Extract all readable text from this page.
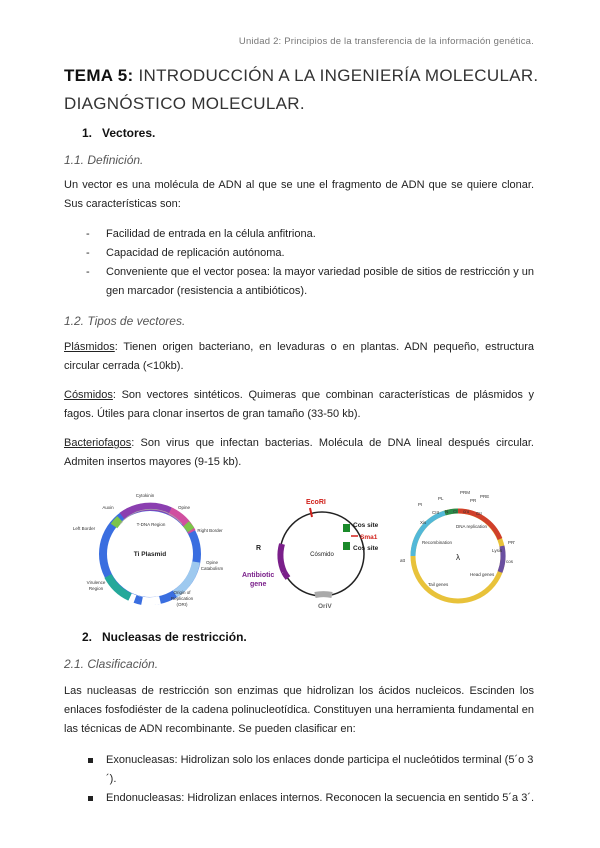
Unidad 2: Principios de la transferencia de la información genética.
TEMA 5: INTRODUCCIÓN A LA INGENIERÍA MOLECULAR.
DIAGNÓSTICO MOLECULAR.
1. Vectores.
1.1. Definición.
Un vector es una molécula de ADN al que se une el fragmento de ADN que se quiere clonar. Sus características son:
-	Facilidad de entrada en la célula anfitriona.
-	Capacidad de replicación autónoma.
-	Conveniente que el vector posea: la mayor variedad posible de sitios de restricción y un gen marcador (resistencia a antibióticos).
1.2. Tipos de vectores.
Plásmidos: Tienen origen bacteriano, en levaduras o en plantas. ADN pequeño, estructura circular cerrada (<10kb).
Cósmidos: Son vectores sintéticos. Quimeras que combinan características de plásmidos y fagos. Útiles para clonar insertos de gran tamaño (33-50 kb).
Bacteriofagos: Son virus que infectan bacterias. Molécula de DNA lineal después circular. Admiten insertos mayores (9-15 kb).
Ti Plasmid
T-DNA Region
Cytokinin
Auxin	Opine
Left Border	Right Border
Opine
Catabolism
Virulence
Region
Origin of
Replication
(ORI)
Cósmido
EcoRI
Cos site
Sma1
Cos site
R
Antibiotic
gene
OriV
λ
DNA replication
Recombination
Head genes
Tail genes
Lysis
att	cos
CIII N CI cro CII
Xis
PI
PL
PRM
PR
PRE
PR'
2. Nucleasas de restricción.
2.1. Clasificación.
Las nucleasas de restricción son enzimas que hidrolizan los ácidos nucleicos. Escinden los enlaces fosfodiéster de la cadena polinucleotídica. Constituyen una herramienta fundamental en las técnicas de ADN recombinante. Se pueden clasificar en:
Exonucleasas: Hidrolizan solo los enlaces donde participa el nucleótidos terminal (5´o 3´).
Endonucleasas: Hidrolizan enlaces internos. Reconocen la secuencia en sentido 5´a 3´.
